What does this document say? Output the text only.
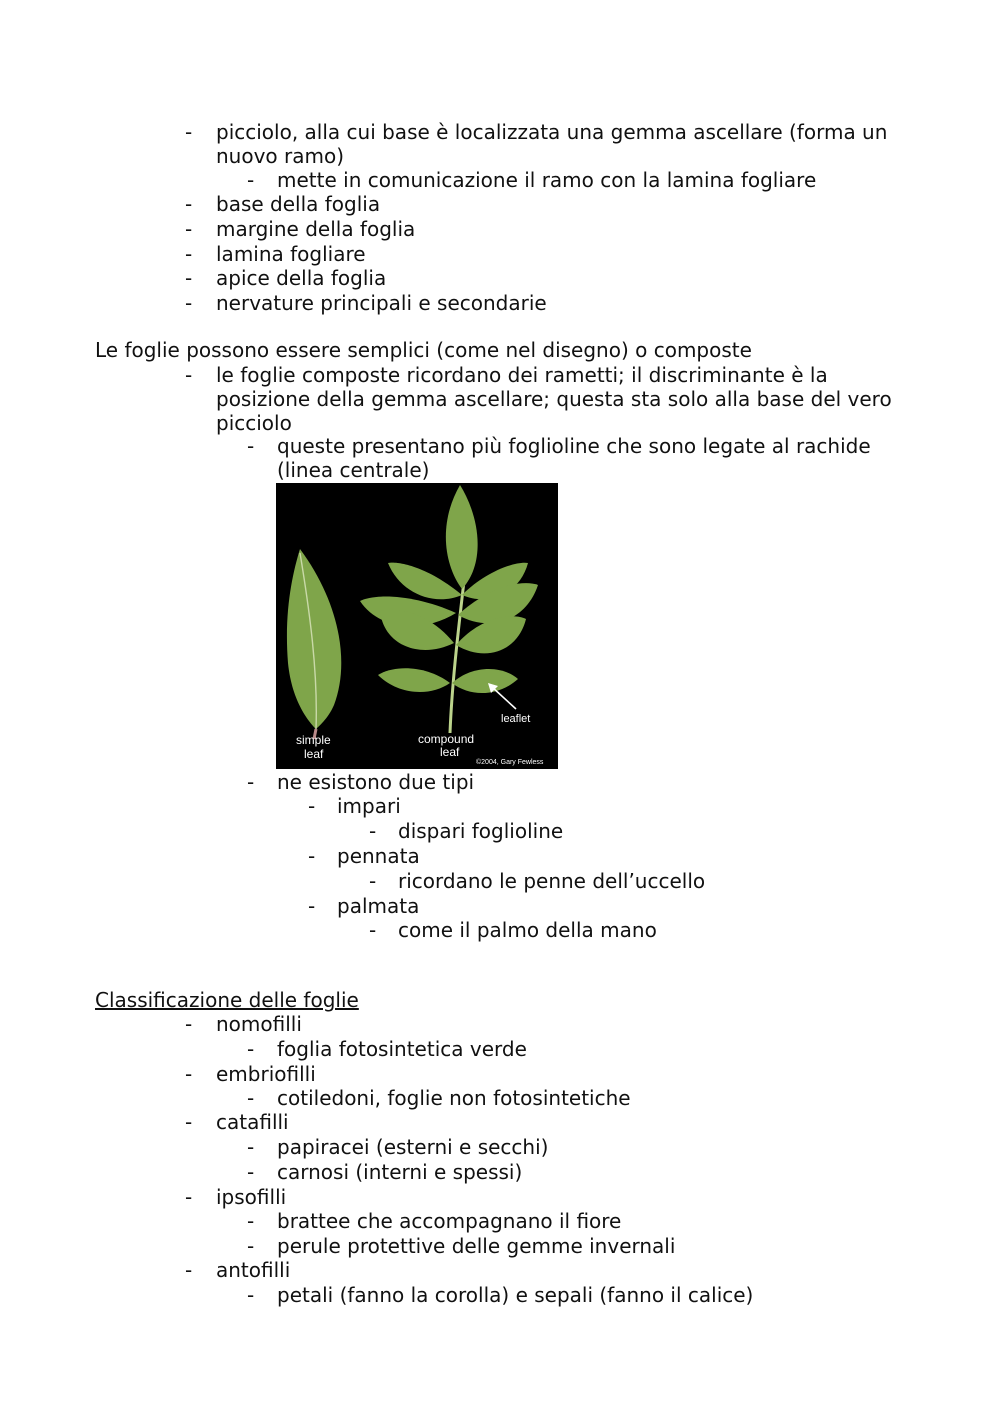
- picciolo, alla cui base è localizzata una gemma ascellare (forma un
nuovo ramo)
- mette in comunicazione il ramo con la lamina fogliare
- base della foglia
- margine della foglia
- lamina fogliare
- apice della foglia
- nervature principali e secondarie
Le foglie possono essere semplici (come nel disegno) o composte
- le foglie composte ricordano dei rametti; il discriminante è la
posizione della gemma ascellare; questa sta solo alla base del vero
picciolo
- queste presentano più foglioline che sono legate al rachide
(linea centrale)
leaflet
simple
leaf
compound
leaf
©2004, Gary Fewless
- ne esistono due tipi
- impari
- dispari foglioline
- pennata
- ricordano le penne dell’uccello
- palmata
- come il palmo della mano
Classificazione delle foglie
- nomofilli
- foglia fotosintetica verde
- embriofilli
- cotiledoni, foglie non fotosintetiche
- catafilli
- papiracei (esterni e secchi)
- carnosi (interni e spessi)
- ipsofilli
- brattee che accompagnano il fiore
- perule protettive delle gemme invernali
- antofilli
- petali (fanno la corolla) e sepali (fanno il calice)
